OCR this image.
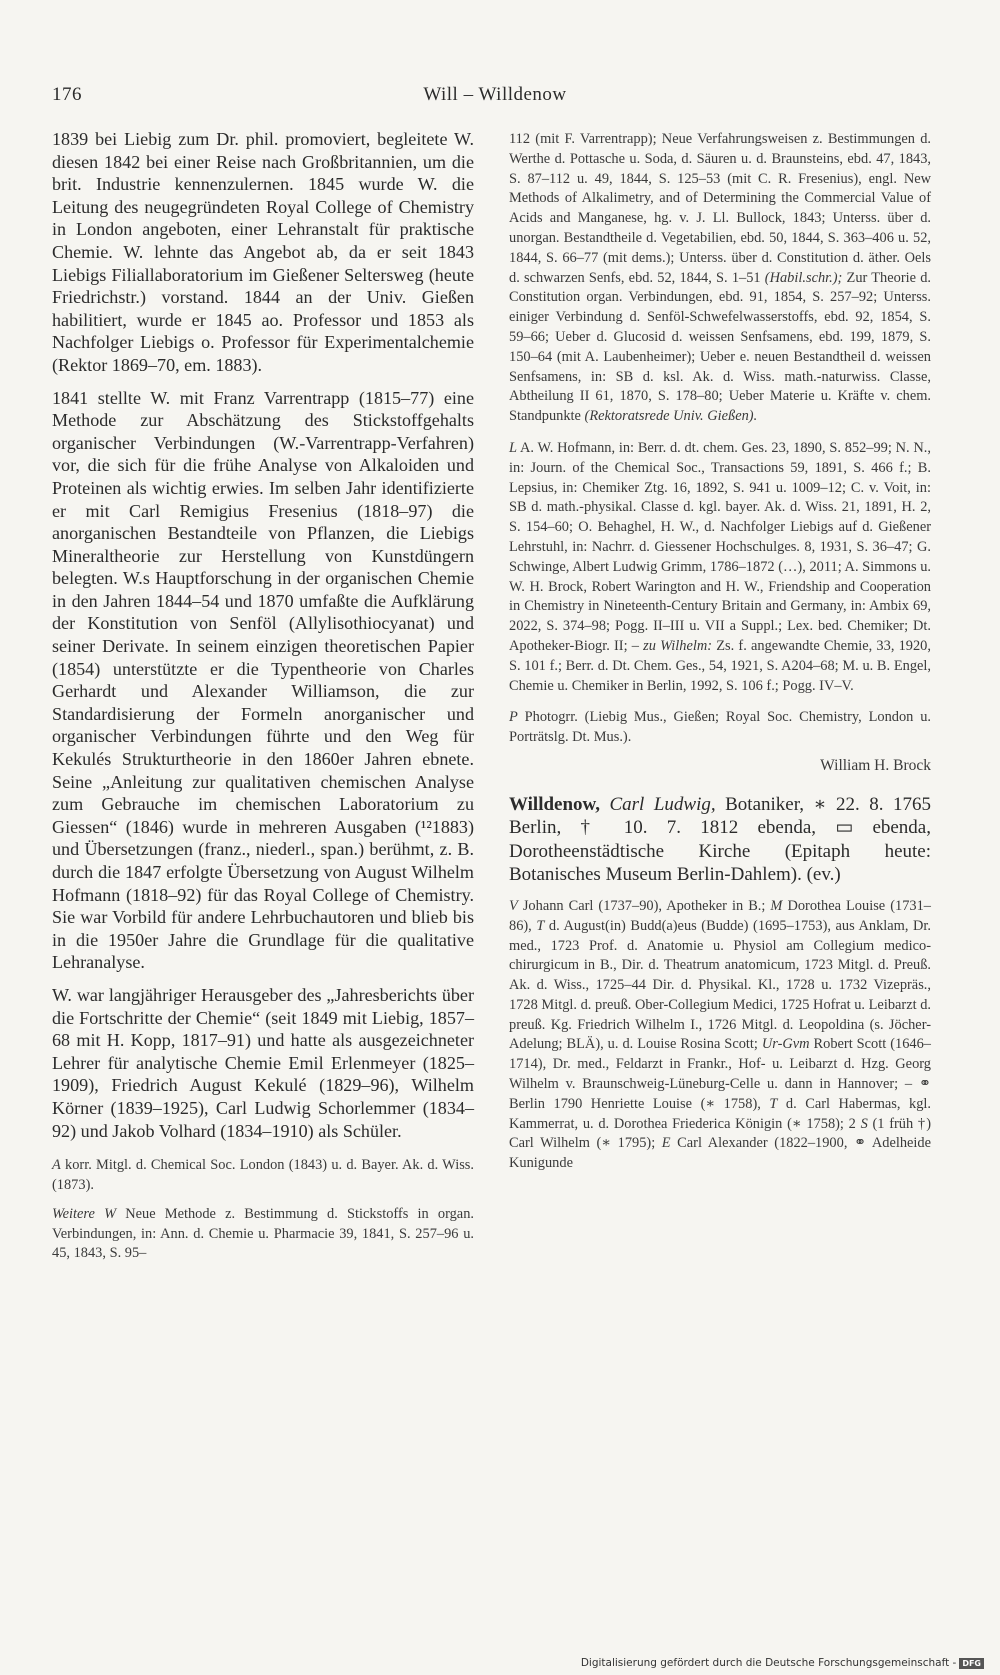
176	Will – Willdenow

1839 bei Liebig zum Dr. phil. promoviert, begleitete W. diesen 1842 bei einer Reise nach Großbritannien, um die brit. Industrie kennenzulernen. 1845 wurde W. die Leitung des neugegründeten Royal College of Chemistry in London angeboten, einer Lehranstalt für praktische Chemie. W. lehnte das Angebot ab, da er seit 1843 Liebigs Filiallaboratorium im Gießener Seltersweg (heute Friedrichstr.) vorstand. 1844 an der Univ. Gießen habilitiert, wurde er 1845 ao. Professor und 1853 als Nachfolger Liebigs o. Professor für Experimentalchemie (Rektor 1869–70, em. 1883).

1841 stellte W. mit Franz Varrentrapp (1815–77) eine Methode zur Abschätzung des Stickstoffgehalts organischer Verbindungen (W.-Varrentrapp-Verfahren) vor, die sich für die frühe Analyse von Alkaloiden und Proteinen als wichtig erwies. Im selben Jahr identifizierte er mit Carl Remigius Fresenius (1818–97) die anorganischen Bestandteile von Pflanzen, die Liebigs Mineraltheorie zur Herstellung von Kunstdüngern belegten. W.s Hauptforschung in der organischen Chemie in den Jahren 1844–54 und 1870 umfaßte die Aufklärung der Konstitution von Senföl (Allylisothiocyanat) und seiner Derivate. In seinem einzigen theoretischen Papier (1854) unterstützte er die Typentheorie von Charles Gerhardt und Alexander Williamson, die zur Standardisierung der Formeln anorganischer und organischer Verbindungen führte und den Weg für Kekulés Strukturtheorie in den 1860er Jahren ebnete. Seine „Anleitung zur qualitativen chemischen Analyse zum Gebrauche im chemischen Laboratorium zu Giessen“ (1846) wurde in mehreren Ausgaben (¹²1883) und Übersetzungen (franz., niederl., span.) berühmt, z. B. durch die 1847 erfolgte Übersetzung von August Wilhelm Hofmann (1818–92) für das Royal College of Chemistry. Sie war Vorbild für andere Lehrbuchautoren und blieb bis in die 1950er Jahre die Grundlage für die qualitative Lehranalyse.

W. war langjähriger Herausgeber des „Jahresberichts über die Fortschritte der Chemie“ (seit 1849 mit Liebig, 1857–68 mit H. Kopp, 1817–91) und hatte als ausgezeichneter Lehrer für analytische Chemie Emil Erlenmeyer (1825–1909), Friedrich August Kekulé (1829–96), Wilhelm Körner (1839–1925), Carl Ludwig Schorlemmer (1834–92) und Jakob Volhard (1834–1910) als Schüler.

A korr. Mitgl. d. Chemical Soc. London (1843) u. d. Bayer. Ak. d. Wiss. (1873).

Weitere W Neue Methode z. Bestimmung d. Stickstoffs in organ. Verbindungen, in: Ann. d. Chemie u. Pharmacie 39, 1841, S. 257–96 u. 45, 1843, S. 95–

112 (mit F. Varrentrapp); Neue Verfahrungsweisen z. Bestimmungen d. Werthe d. Pottasche u. Soda, d. Säuren u. d. Braunsteins, ebd. 47, 1843, S. 87–112 u. 49, 1844, S. 125–53 (mit C. R. Fresenius), engl. New Methods of Alkalimetry, and of Determining the Commercial Value of Acids and Manganese, hg. v. J. Ll. Bullock, 1843; Unterss. über d. unorgan. Bestandtheile d. Vegetabilien, ebd. 50, 1844, S. 363–406 u. 52, 1844, S. 66–77 (mit dems.); Unterss. über d. Constitution d. äther. Oels d. schwarzen Senfs, ebd. 52, 1844, S. 1–51 (Habil.schr.); Zur Theorie d. Constitution organ. Verbindungen, ebd. 91, 1854, S. 257–92; Unterss. einiger Verbindung d. Senföl-Schwefelwasserstoffs, ebd. 92, 1854, S. 59–66; Ueber d. Glucosid d. weissen Senfsamens, ebd. 199, 1879, S. 150–64 (mit A. Laubenheimer); Ueber e. neuen Bestandtheil d. weissen Senfsamens, in: SB d. ksl. Ak. d. Wiss. math.-naturwiss. Classe, Abtheilung II 61, 1870, S. 178–80; Ueber Materie u. Kräfte v. chem. Standpunkte (Rektoratsrede Univ. Gießen).

L A. W. Hofmann, in: Berr. d. dt. chem. Ges. 23, 1890, S. 852–99; N. N., in: Journ. of the Chemical Soc., Transactions 59, 1891, S. 466 f.; B. Lepsius, in: Chemiker Ztg. 16, 1892, S. 941 u. 1009–12; C. v. Voit, in: SB d. math.-physikal. Classe d. kgl. bayer. Ak. d. Wiss. 21, 1891, H. 2, S. 154–60; O. Behaghel, H. W., d. Nachfolger Liebigs auf d. Gießener Lehrstuhl, in: Nachrr. d. Giessener Hochschulges. 8, 1931, S. 36–47; G. Schwinge, Albert Ludwig Grimm, 1786–1872 (…), 2011; A. Simmons u. W. H. Brock, Robert Warington and H. W., Friendship and Cooperation in Chemistry in Nineteenth-Century Britain and Germany, in: Ambix 69, 2022, S. 374–98; Pogg. II–III u. VII a Suppl.; Lex. bed. Chemiker; Dt. Apotheker-Biogr. II; – zu Wilhelm: Zs. f. angewandte Chemie, 33, 1920, S. 101 f.; Berr. d. Dt. Chem. Ges., 54, 1921, S. A204–68; M. u. B. Engel, Chemie u. Chemiker in Berlin, 1992, S. 106 f.; Pogg. IV–V.

P Photogrr. (Liebig Mus., Gießen; Royal Soc. Chemistry, London u. Porträtslg. Dt. Mus.).

William H. Brock

Willdenow, Carl Ludwig, Botaniker, ∗ 22. 8. 1765 Berlin, † 10. 7. 1812 ebenda, ▭ ebenda, Dorotheenstädtische Kirche (Epitaph heute: Botanisches Museum Berlin-Dahlem). (ev.)

V Johann Carl (1737–90), Apotheker in B.; M Dorothea Louise (1731–86), T d. August(in) Budd(a)eus (Budde) (1695–1753), aus Anklam, Dr. med., 1723 Prof. d. Anatomie u. Physiol am Collegium medico-chirurgicum in B., Dir. d. Theatrum anatomicum, 1723 Mitgl. d. Preuß. Ak. d. Wiss., 1725–44 Dir. d. Physikal. Kl., 1728 u. 1732 Vizepräs., 1728 Mitgl. d. preuß. Ober-Collegium Medici, 1725 Hofrat u. Leibarzt d. preuß. Kg. Friedrich Wilhelm I., 1726 Mitgl. d. Leopoldina (s. Jöcher-Adelung; BLÄ), u. d. Louise Rosina Scott; Ur-Gvm Robert Scott (1646–1714), Dr. med., Feldarzt in Frankr., Hof- u. Leibarzt d. Hzg. Georg Wilhelm v. Braunschweig-Lüneburg-Celle u. dann in Hannover; – ⚭ Berlin 1790 Henriette Louise (∗ 1758), T d. Carl Habermas, kgl. Kammerrat, u. d. Dorothea Friederica Königin (∗ 1758); 2 S (1 früh †) Carl Wilhelm (∗ 1795); E Carl Alexander (1822–1900, ⚭ Adelheide Kunigunde

Digitalisierung gefördert durch die Deutsche Forschungsgemeinschaft - DFG
